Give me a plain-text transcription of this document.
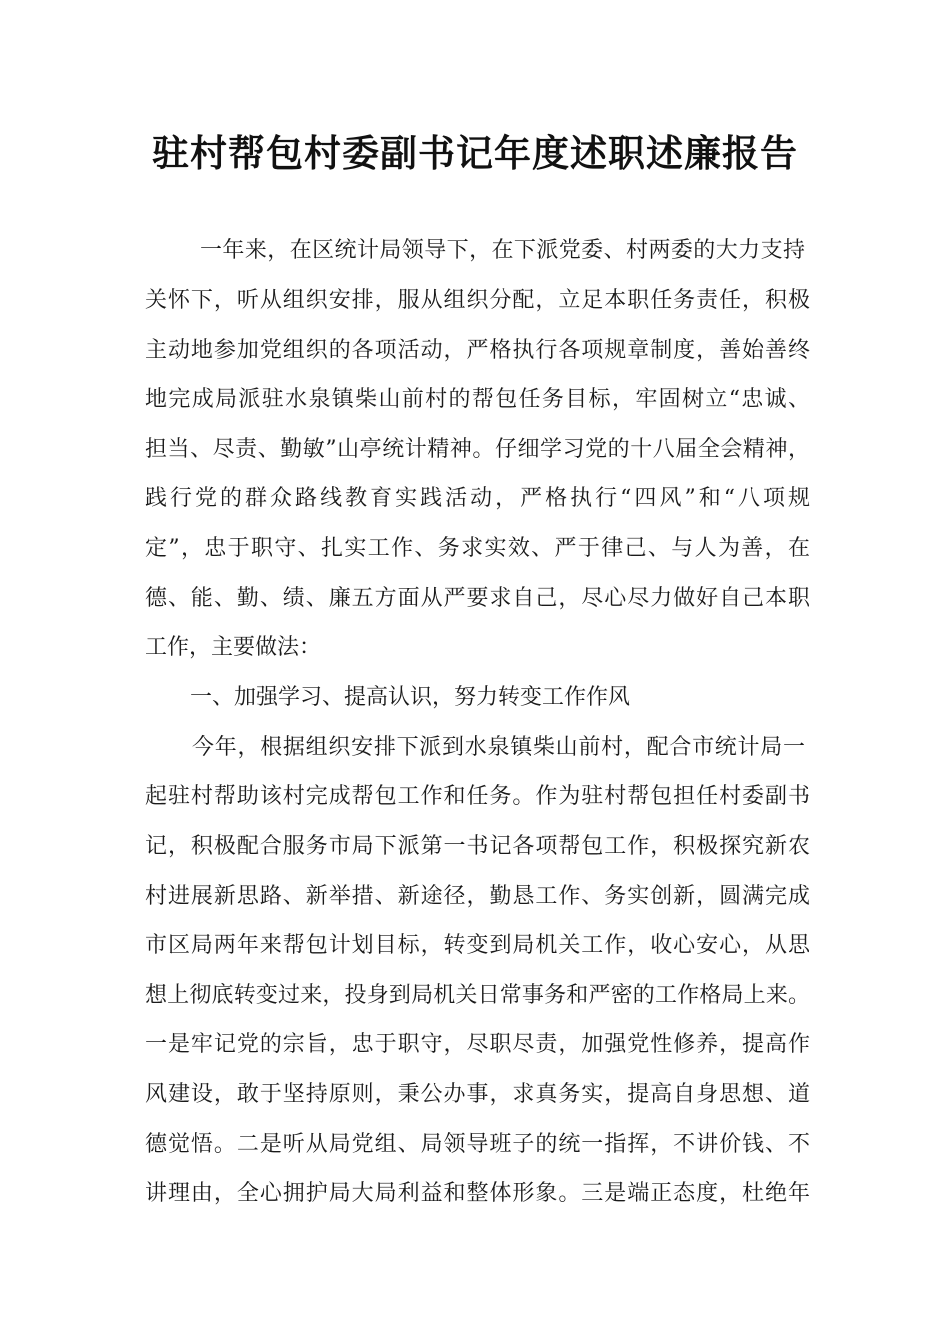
驻村帮包村委副书记年度述职述廉报告

一年来，在区统计局领导下，在下派党委、村两委的大力支持

关怀下，听从组织安排，服从组织分配，立足本职任务责任，积极

主动地参加党组织的各项活动，严格执行各项规章制度，善始善终

地完成局派驻水泉镇柴山前村的帮包任务目标，牢固树立“忠诚、

担当、尽责、勤敏”山亭统计精神。仔细学习党的十八届全会精神，

践行党的群众路线教育实践活动，严格执行“四风”和“八项规

定”，忠于职守、扎实工作、务求实效、严于律己、与人为善，在

德、能、勤、绩、廉五方面从严要求自己，尽心尽力做好自己本职

工作，主要做法：

一、加强学习、提高认识，努力转变工作作风

今年，根据组织安排下派到水泉镇柴山前村，配合市统计局一

起驻村帮助该村完成帮包工作和任务。作为驻村帮包担任村委副书

记，积极配合服务市局下派第一书记各项帮包工作，积极探究新农

村进展新思路、新举措、新途径，勤恳工作、务实创新，圆满完成

市区局两年来帮包计划目标，转变到局机关工作，收心安心，从思

想上彻底转变过来，投身到局机关日常事务和严密的工作格局上来。

一是牢记党的宗旨，忠于职守，尽职尽责，加强党性修养，提高作

风建设，敢于坚持原则，秉公办事，求真务实，提高自身思想、道

德觉悟。二是听从局党组、局领导班子的统一指挥，不讲价钱、不

讲理由，全心拥护局大局利益和整体形象。三是端正态度，杜绝年
